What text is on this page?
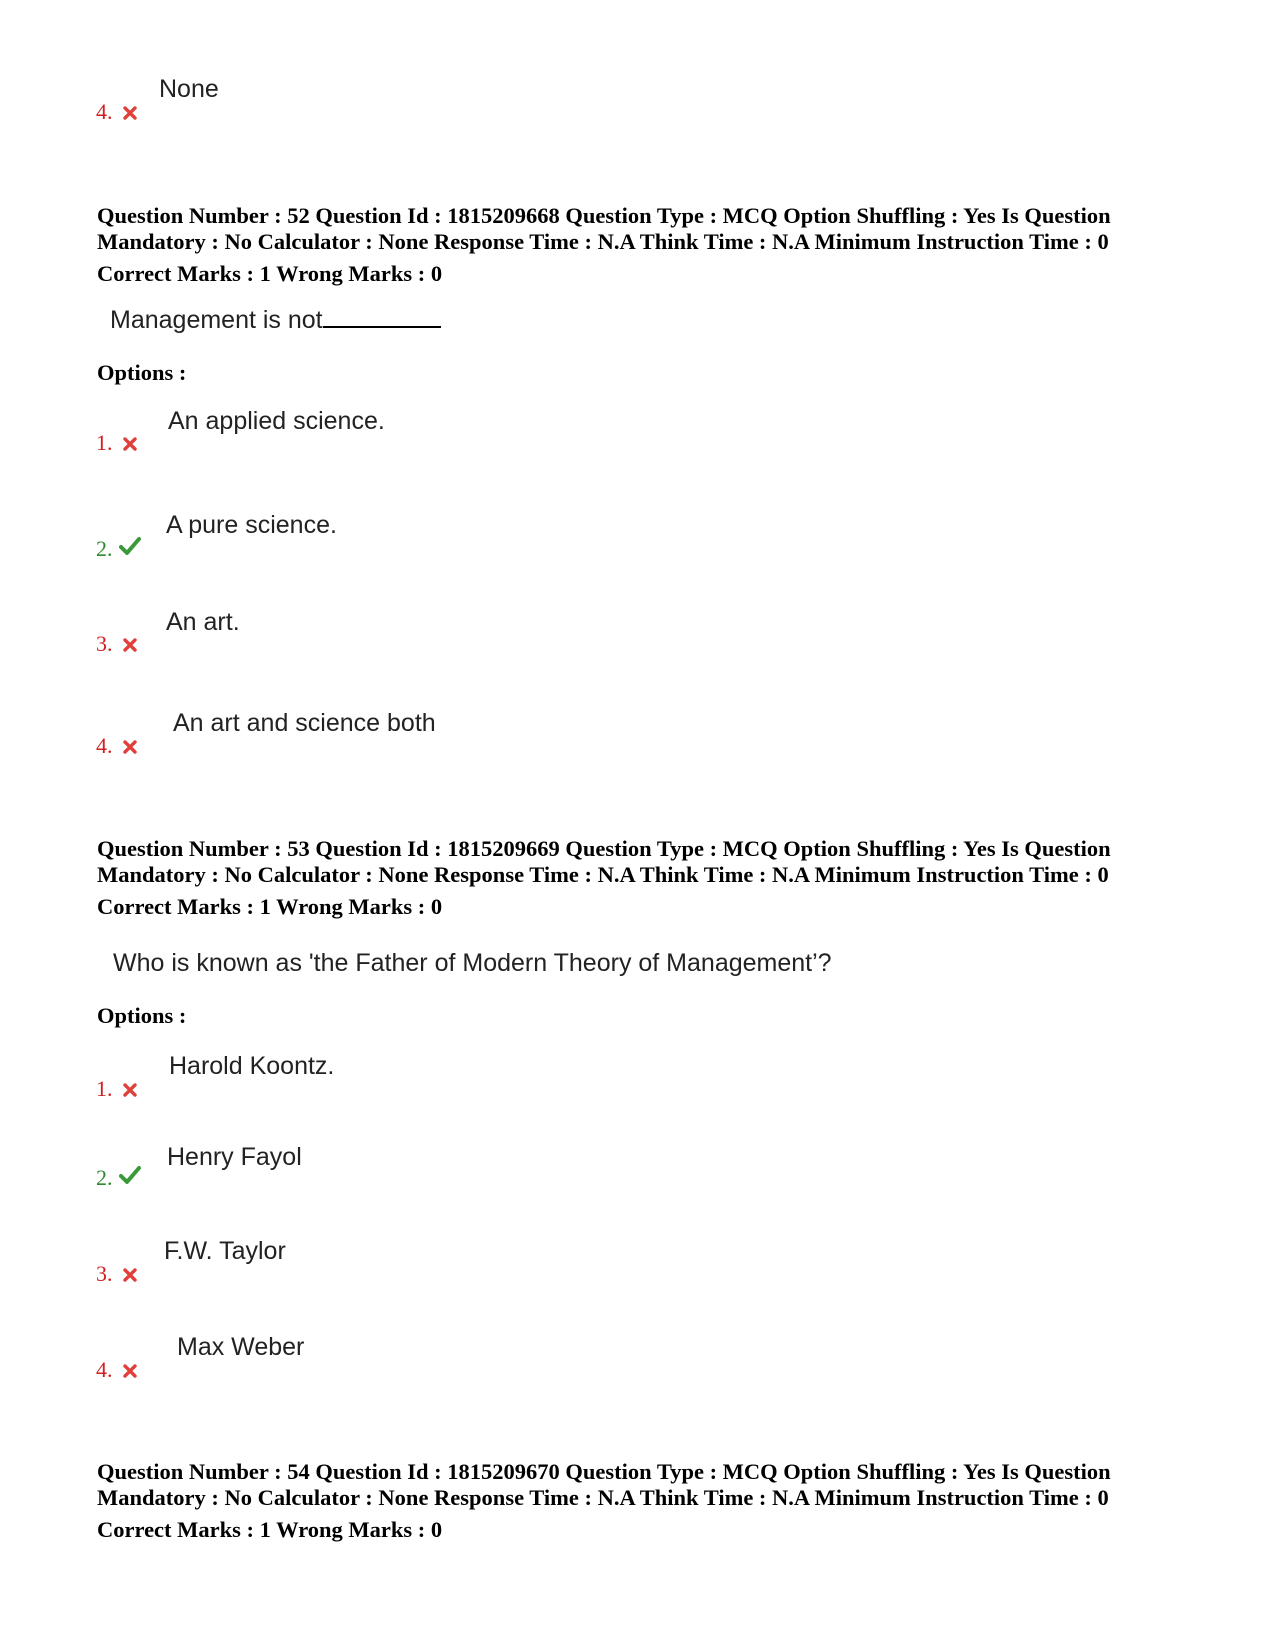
4.
None

Question Number : 52 Question Id : 1815209668 Question Type : MCQ Option Shuffling : Yes Is Question

Mandatory : No Calculator : None Response Time : N.A Think Time : N.A Minimum Instruction Time : 0

Correct Marks : 1 Wrong Marks : 0
Management is not
Options :
1.
An applied science.
2.
A pure science.
3.
An art.
4.
An art and science both

Question Number : 53 Question Id : 1815209669 Question Type : MCQ Option Shuffling : Yes Is Question

Mandatory : No Calculator : None Response Time : N.A Think Time : N.A Minimum Instruction Time : 0

Correct Marks : 1 Wrong Marks : 0
Who is known as 'the Father of Modern Theory of Management’?
Options :
1.
Harold Koontz.
2.
Henry Fayol
3.
F.W. Taylor
4.
Max Weber

Question Number : 54 Question Id : 1815209670 Question Type : MCQ Option Shuffling : Yes Is Question

Mandatory : No Calculator : None Response Time : N.A Think Time : N.A Minimum Instruction Time : 0

Correct Marks : 1 Wrong Marks : 0
